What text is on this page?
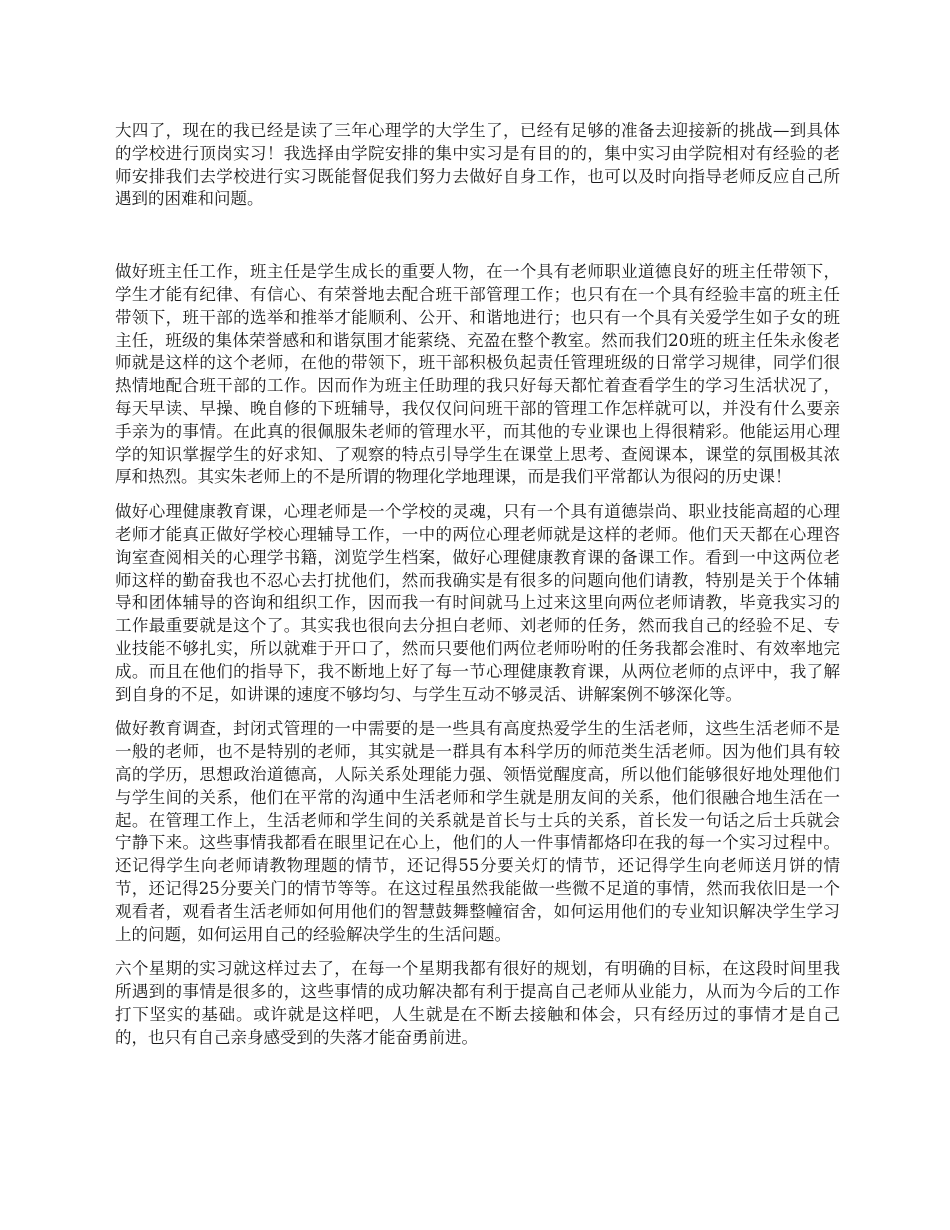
大四了，现在的我已经是读了三年心理学的大学生了，已经有足够的准备去迎接新的挑战—到具体的学校进行顶岗实习！我选择由学院安排的集中实习是有目的的，集中实习由学院相对有经验的老师安排我们去学校进行实习既能督促我们努力去做好自身工作，也可以及时向指导老师反应自己所遇到的困难和问题。

做好班主任工作，班主任是学生成长的重要人物，在一个具有老师职业道德良好的班主任带领下，学生才能有纪律、有信心、有荣誉地去配合班干部管理工作；也只有在一个具有经验丰富的班主任带领下，班干部的选举和推举才能顺利、公开、和谐地进行；也只有一个具有关爱学生如子女的班主任，班级的集体荣誉感和和谐氛围才能萦绕、充盈在整个教室。然而我们20班的班主任朱永俊老师就是这样的这个老师，在他的带领下，班干部积极负起责任管理班级的日常学习规律，同学们很热情地配合班干部的工作。因而作为班主任助理的我只好每天都忙着查看学生的学习生活状况了，每天早读、早操、晚自修的下班辅导，我仅仅问问班干部的管理工作怎样就可以，并没有什么要亲手亲为的事情。在此真的很佩服朱老师的管理水平，而其他的专业课也上得很精彩。他能运用心理学的知识掌握学生的好求知、了观察的特点引导学生在课堂上思考、查阅课本，课堂的氛围极其浓厚和热烈。其实朱老师上的不是所谓的物理化学地理课，而是我们平常都认为很闷的历史课！

做好心理健康教育课，心理老师是一个学校的灵魂，只有一个具有道德崇尚、职业技能高超的心理老师才能真正做好学校心理辅导工作，一中的两位心理老师就是这样的老师。他们天天都在心理咨询室查阅相关的心理学书籍，浏览学生档案，做好心理健康教育课的备课工作。看到一中这两位老师这样的勤奋我也不忍心去打扰他们，然而我确实是有很多的问题向他们请教，特别是关于个体辅导和团体辅导的咨询和组织工作，因而我一有时间就马上过来这里向两位老师请教，毕竟我实习的工作最重要就是这个了。其实我也很向去分担白老师、刘老师的任务，然而我自己的经验不足、专业技能不够扎实，所以就难于开口了，然而只要他们两位老师吩咐的任务我都会准时、有效率地完成。而且在他们的指导下，我不断地上好了每一节心理健康教育课，从两位老师的点评中，我了解到自身的不足，如讲课的速度不够均匀、与学生互动不够灵活、讲解案例不够深化等。

做好教育调查，封闭式管理的一中需要的是一些具有高度热爱学生的生活老师，这些生活老师不是一般的老师，也不是特别的老师，其实就是一群具有本科学历的师范类生活老师。因为他们具有较高的学历，思想政治道德高，人际关系处理能力强、领悟觉醒度高，所以他们能够很好地处理他们与学生间的关系，他们在平常的沟通中生活老师和学生就是朋友间的关系，他们很融合地生活在一起。在管理工作上，生活老师和学生间的关系就是首长与士兵的关系，首长发一句话之后士兵就会宁静下来。这些事情我都看在眼里记在心上，他们的人一件事情都烙印在我的每一个实习过程中。还记得学生向老师请教物理题的情节，还记得55分要关灯的情节，还记得学生向老师送月饼的情节，还记得25分要关门的情节等等。在这过程虽然我能做一些微不足道的事情，然而我依旧是一个观看者，观看者生活老师如何用他们的智慧鼓舞整幢宿舍，如何运用他们的专业知识解决学生学习上的问题，如何运用自己的经验解决学生的生活问题。

六个星期的实习就这样过去了，在每一个星期我都有很好的规划，有明确的目标，在这段时间里我所遇到的事情是很多的，这些事情的成功解决都有利于提高自己老师从业能力，从而为今后的工作打下坚实的基础。或许就是这样吧，人生就是在不断去接触和体会，只有经历过的事情才是自己的，也只有自己亲身感受到的失落才能奋勇前进。
